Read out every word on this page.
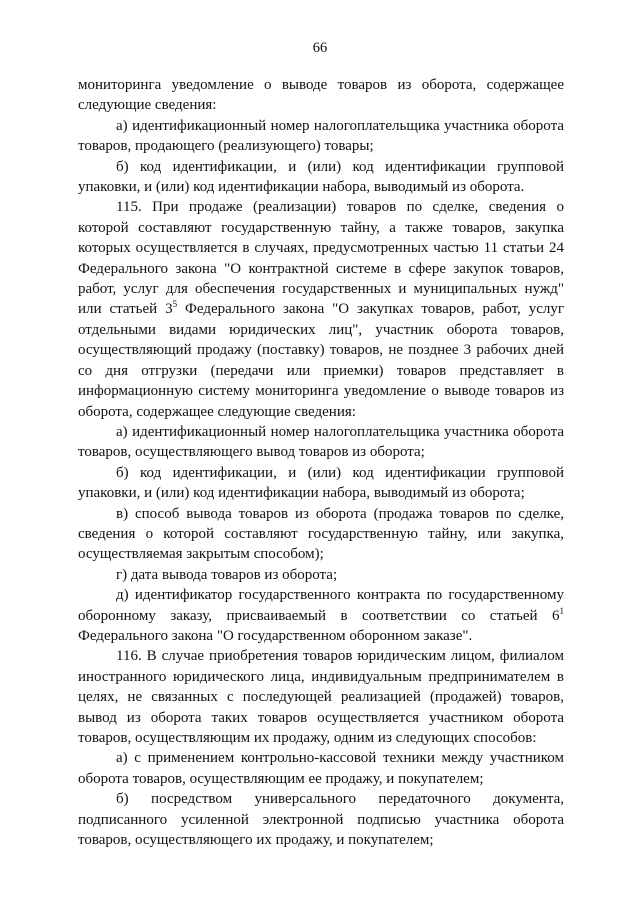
66

мониторинга уведомление о выводе товаров из оборота, содержащее следующие сведения:

а) идентификационный номер налогоплательщика участника оборота товаров, продающего (реализующего) товары;

б) код идентификации, и (или) код идентификации групповой упаковки, и (или) код идентификации набора, выводимый из оборота.

115. При продаже (реализации) товаров по сделке, сведения о которой составляют государственную тайну, а также товаров, закупка которых осуществляется в случаях, предусмотренных частью 11 статьи 24 Федерального закона "О контрактной системе в сфере закупок товаров, работ, услуг для обеспечения государственных и муниципальных нужд" или статьей $3^5$ Федерального закона "О закупках товаров, работ, услуг отдельными видами юридических лиц", участник оборота товаров, осуществляющий продажу (поставку) товаров, не позднее 3 рабочих дней со дня отгрузки (передачи или приемки) товаров представляет в информационную систему мониторинга уведомление о выводе товаров из оборота, содержащее следующие сведения:

а) идентификационный номер налогоплательщика участника оборота товаров, осуществляющего вывод товаров из оборота;

б) код идентификации, и (или) код идентификации групповой упаковки, и (или) код идентификации набора, выводимый из оборота;

в) способ вывода товаров из оборота (продажа товаров по сделке, сведения о которой составляют государственную тайну, или закупка, осуществляемая закрытым способом);

г) дата вывода товаров из оборота;

д) идентификатор государственного контракта по государственному оборонному заказу, присваиваемый в соответствии со статьей $6^1$ Федерального закона "О государственном оборонном заказе".

116. В случае приобретения товаров юридическим лицом, филиалом иностранного юридического лица, индивидуальным предпринимателем в целях, не связанных с последующей реализацией (продажей) товаров, вывод из оборота таких товаров осуществляется участником оборота товаров, осуществляющим их продажу, одним из следующих способов:

а) с применением контрольно-кассовой техники между участником оборота товаров, осуществляющим ее продажу, и покупателем;

б) посредством универсального передаточного документа, подписанного усиленной электронной подписью участника оборота товаров, осуществляющего их продажу, и покупателем;
